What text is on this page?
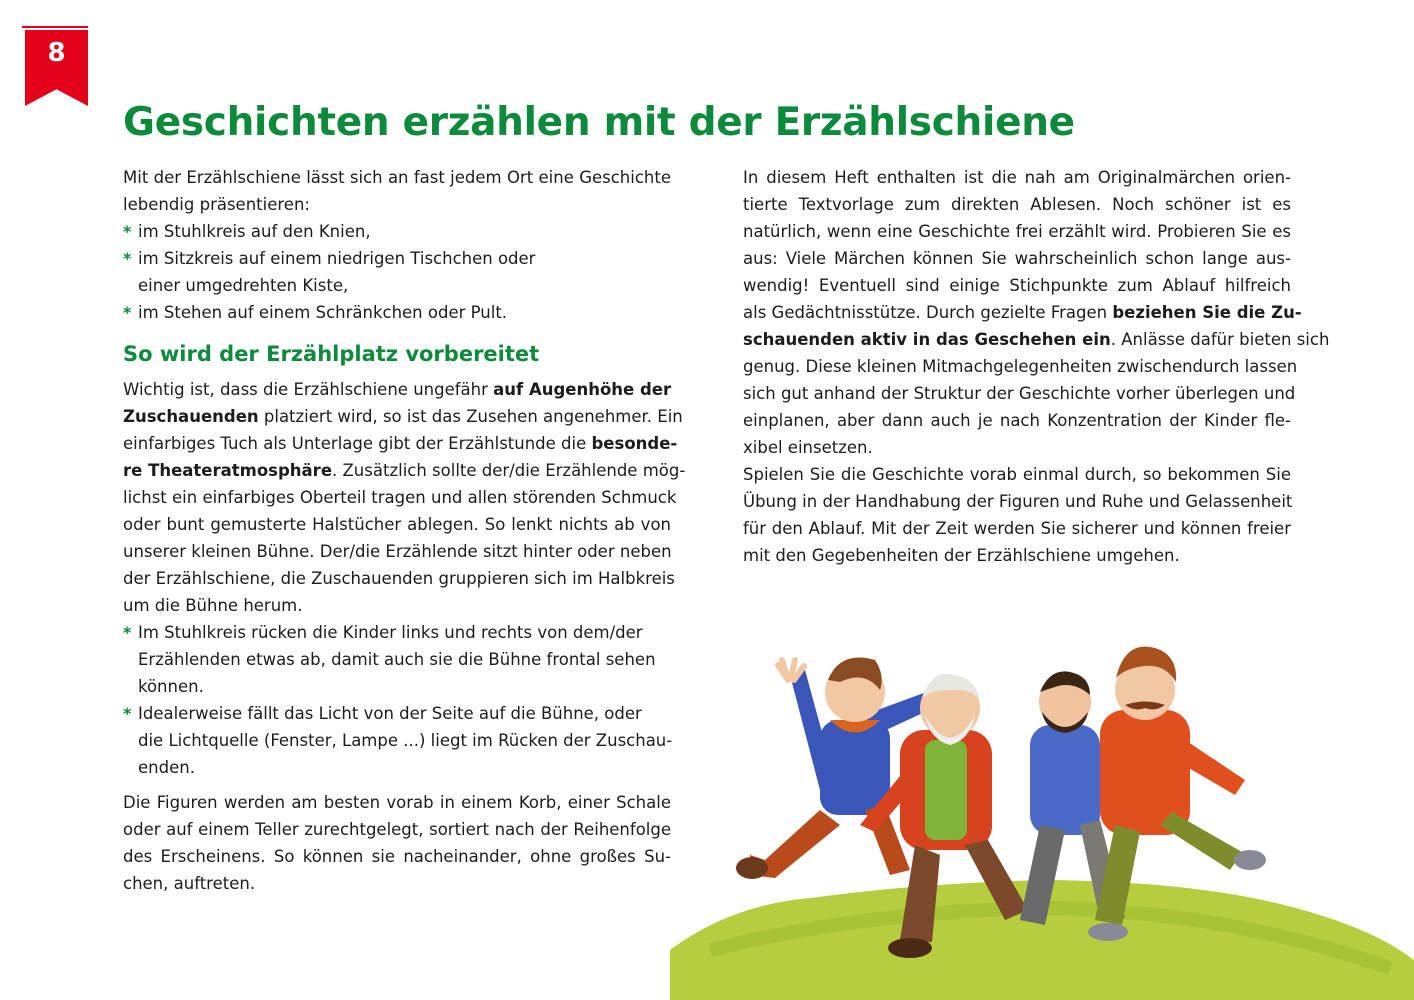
8
Geschichten erzählen mit der Erzählschiene
Mit der Erzählschiene lässt sich an fast jedem Ort eine Geschichte
lebendig präsentieren:
* im Stuhlkreis auf den Knien,
* im Sitzkreis auf einem niedrigen Tischchen oder
einer umgedrehten Kiste,
* im Stehen auf einem Schränkchen oder Pult.
So wird der Erzählplatz vorbereitet
Wichtig ist, dass die Erzählschiene ungefähr auf Augenhöhe der
Zuschauenden platziert wird, so ist das Zusehen angenehmer. Ein
einfarbiges Tuch als Unterlage gibt der Erzählstunde die besonde-
re Theateratmosphäre. Zusätzlich sollte der/die Erzählende mög-
lichst ein einfarbiges Oberteil tragen und allen störenden Schmuck
oder bunt gemusterte Halstücher ablegen. So lenkt nichts ab von
unserer kleinen Bühne. Der/die Erzählende sitzt hinter oder neben
der Erzählschiene, die Zuschauenden gruppieren sich im Halbkreis
um die Bühne herum.
* Im Stuhlkreis rücken die Kinder links und rechts von dem/der
Erzählenden etwas ab, damit auch sie die Bühne frontal sehen
können.
* Idealerweise fällt das Licht von der Seite auf die Bühne, oder
die Lichtquelle (Fenster, Lampe ...) liegt im Rücken der Zuschau-
enden.
Die Figuren werden am besten vorab in einem Korb, einer Schale
oder auf einem Teller zurechtgelegt, sortiert nach der Reihenfolge
des Erscheinens. So können sie nacheinander, ohne großes Su-
chen, auftreten.
In diesem Heft enthalten ist die nah am Originalmärchen orien-
tierte Textvorlage zum direkten Ablesen. Noch schöner ist es
natürlich, wenn eine Geschichte frei erzählt wird. Probieren Sie es
aus: Viele Märchen können Sie wahrscheinlich schon lange aus-
wendig! Eventuell sind einige Stichpunkte zum Ablauf hilfreich
als Gedächtnisstütze. Durch gezielte Fragen beziehen Sie die Zu-
schauenden aktiv in das Geschehen ein. Anlässe dafür bieten sich
genug. Diese kleinen Mitmachgelegenheiten zwischendurch lassen
sich gut anhand der Struktur der Geschichte vorher überlegen und
einplanen, aber dann auch je nach Konzentration der Kinder fle-
xibel einsetzen.
Spielen Sie die Geschichte vorab einmal durch, so bekommen Sie
Übung in der Handhabung der Figuren und Ruhe und Gelassenheit
für den Ablauf. Mit der Zeit werden Sie sicherer und können freier
mit den Gegebenheiten der Erzählschiene umgehen.
